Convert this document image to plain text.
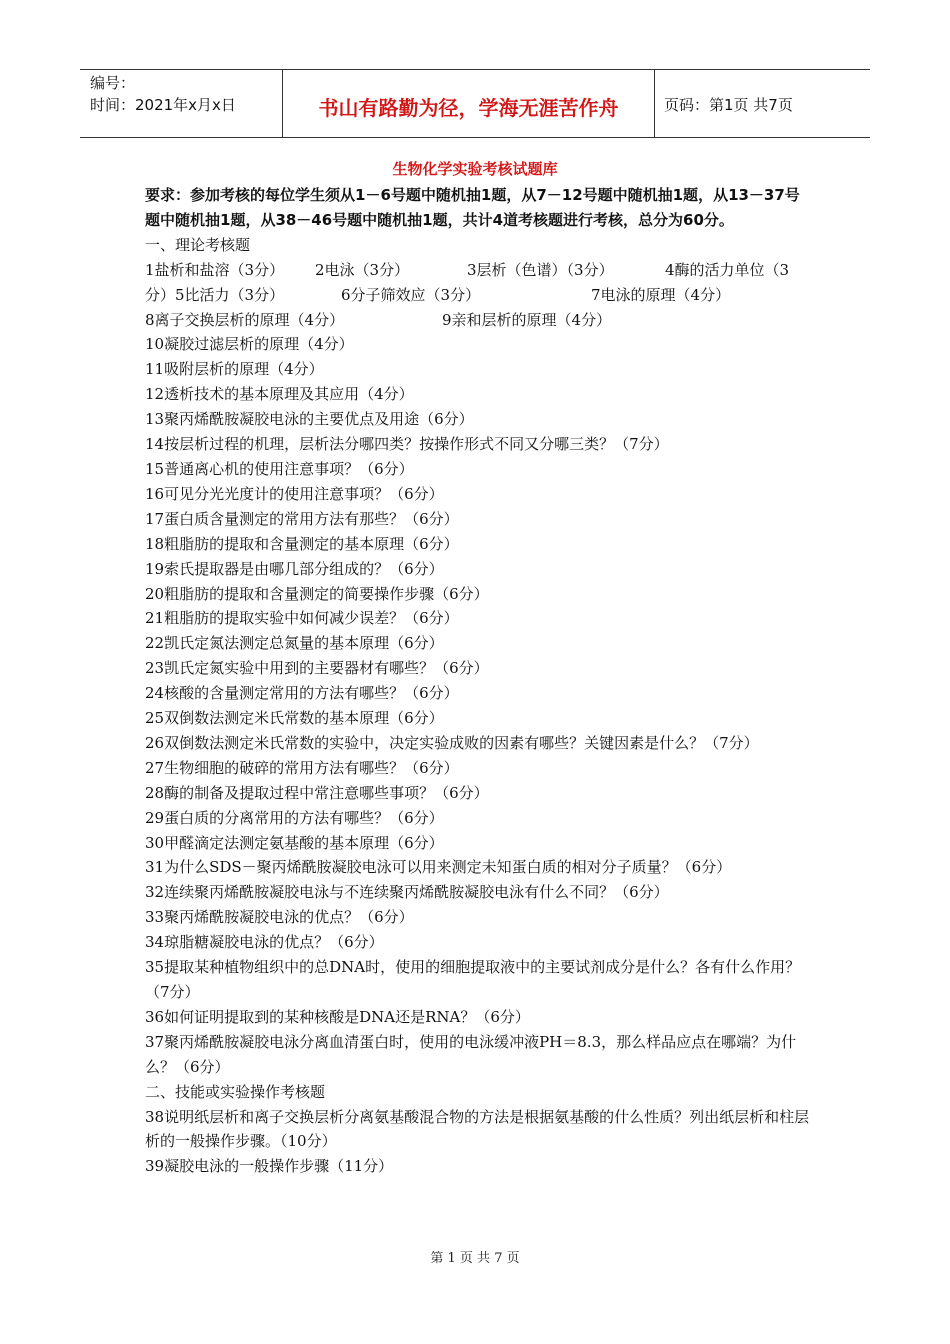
编号：
时间：2021年x月x日	书山有路勤为径，学海无涯苦作舟	页码：第1页 共7页
生物化学实验考核试题库

要求：参加考核的每位学生须从1－6号题中随机抽1题，从7－12号题中随机抽1题，从13－37号题中随机抽1题，从38－46号题中随机抽1题，共计4道考核题进行考核，总分为60分。

一、理论考核题

1盐析和盐溶（3分）	2电泳（3分）	3层析（色谱）（3分）	4酶的活力单位（3
分）5比活力（3分）	6分子筛效应（3分）	7电泳的原理（4分）
8离子交换层析的原理（4分）	9亲和层析的原理（4分）

10凝胶过滤层析的原理（4分）

11吸附层析的原理（4分）

12透析技术的基本原理及其应用（4分）

13聚丙烯酰胺凝胶电泳的主要优点及用途（6分）

14按层析过程的机理，层析法分哪四类？按操作形式不同又分哪三类？（7分）

15普通离心机的使用注意事项？（6分）

16可见分光光度计的使用注意事项？（6分）

17蛋白质含量测定的常用方法有那些？（6分）

18粗脂肪的提取和含量测定的基本原理（6分）

19索氏提取器是由哪几部分组成的？（6分）

20粗脂肪的提取和含量测定的简要操作步骤（6分）

21粗脂肪的提取实验中如何减少误差？（6分）

22凯氏定氮法测定总氮量的基本原理（6分）

23凯氏定氮实验中用到的主要器材有哪些？（6分）

24核酸的含量测定常用的方法有哪些？（6分）

25双倒数法测定米氏常数的基本原理（6分）

26双倒数法测定米氏常数的实验中，决定实验成败的因素有哪些？关键因素是什么？（7分）

27生物细胞的破碎的常用方法有哪些？（6分）

28酶的制备及提取过程中常注意哪些事项？（6分）

29蛋白质的分离常用的方法有哪些？（6分）

30甲醛滴定法测定氨基酸的基本原理（6分）

31为什么SDS－聚丙烯酰胺凝胶电泳可以用来测定未知蛋白质的相对分子质量？（6分）

32连续聚丙烯酰胺凝胶电泳与不连续聚丙烯酰胺凝胶电泳有什么不同？（6分）

33聚丙烯酰胺凝胶电泳的优点？（6分）

34琼脂糖凝胶电泳的优点？（6分）

35提取某种植物组织中的总DNA时，使用的细胞提取液中的主要试剂成分是什么？各有什么作用？（7分）

36如何证明提取到的某种核酸是DNA还是RNA？（6分）

37聚丙烯酰胺凝胶电泳分离血清蛋白时，使用的电泳缓冲液PH＝8.3，那么样品应点在哪端？为什么？（6分）

二、技能或实验操作考核题

38说明纸层析和离子交换层析分离氨基酸混合物的方法是根据氨基酸的什么性质？列出纸层析和柱层析的一般操作步骤。（10分）

39凝胶电泳的一般操作步骤（11分）

第 1 页 共 7 页
